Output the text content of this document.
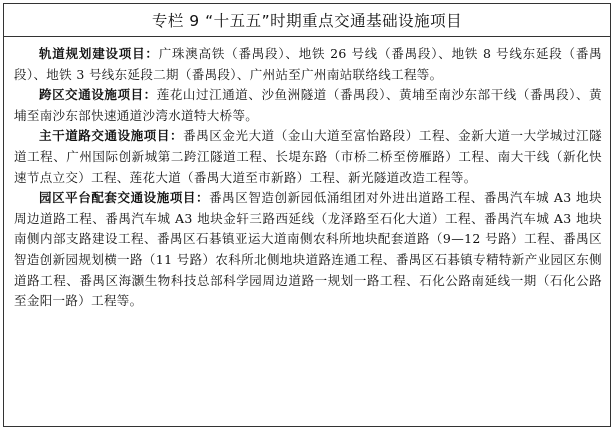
专栏 9 “十五五”时期重点交通基础设施项目

轨道规划建设项目：广珠澳高铁（番禺段）、地铁 26 号线（番禺段）、地铁 8 号线东延段（番禺段）、地铁 3 号线东延段二期（番禺段）、广州站至广州南站联络线工程等。

跨区交通设施项目：莲花山过江通道、沙鱼洲隧道（番禺段）、黄埔至南沙东部干线（番禺段）、黄埔至南沙东部快速通道沙湾水道特大桥等。

主干道路交通设施项目：番禺区金光大道（金山大道至富怡路段）工程、金新大道一大学城过江隧道工程、广州国际创新城第二跨江隧道工程、长堤东路（市桥二桥至傍雁路）工程、南大干线（新化快速节点立交）工程、莲花大道（番禺大道至市新路）工程、新光隧道改造工程等。

园区平台配套交通设施项目：番禺区智造创新园低涌组团对外进出道路工程、番禺汽车城 A3 地块周边道路工程、番禺汽车城 A3 地块金轩三路西延线（龙泽路至石化大道）工程、番禺汽车城 A3 地块南侧内部支路建设工程、番禺区石碁镇亚运大道南侧农科所地块配套道路（9—12 号路）工程、番禺区智造创新园规划横一路（11 号路）农科所北侧地块道路连通工程、番禺区石碁镇专精特新产业园区东侧道路工程、番禺区海灏生物科技总部科学园周边道路一规划一路工程、石化公路南延线一期（石化公路至金阳一路）工程等。
